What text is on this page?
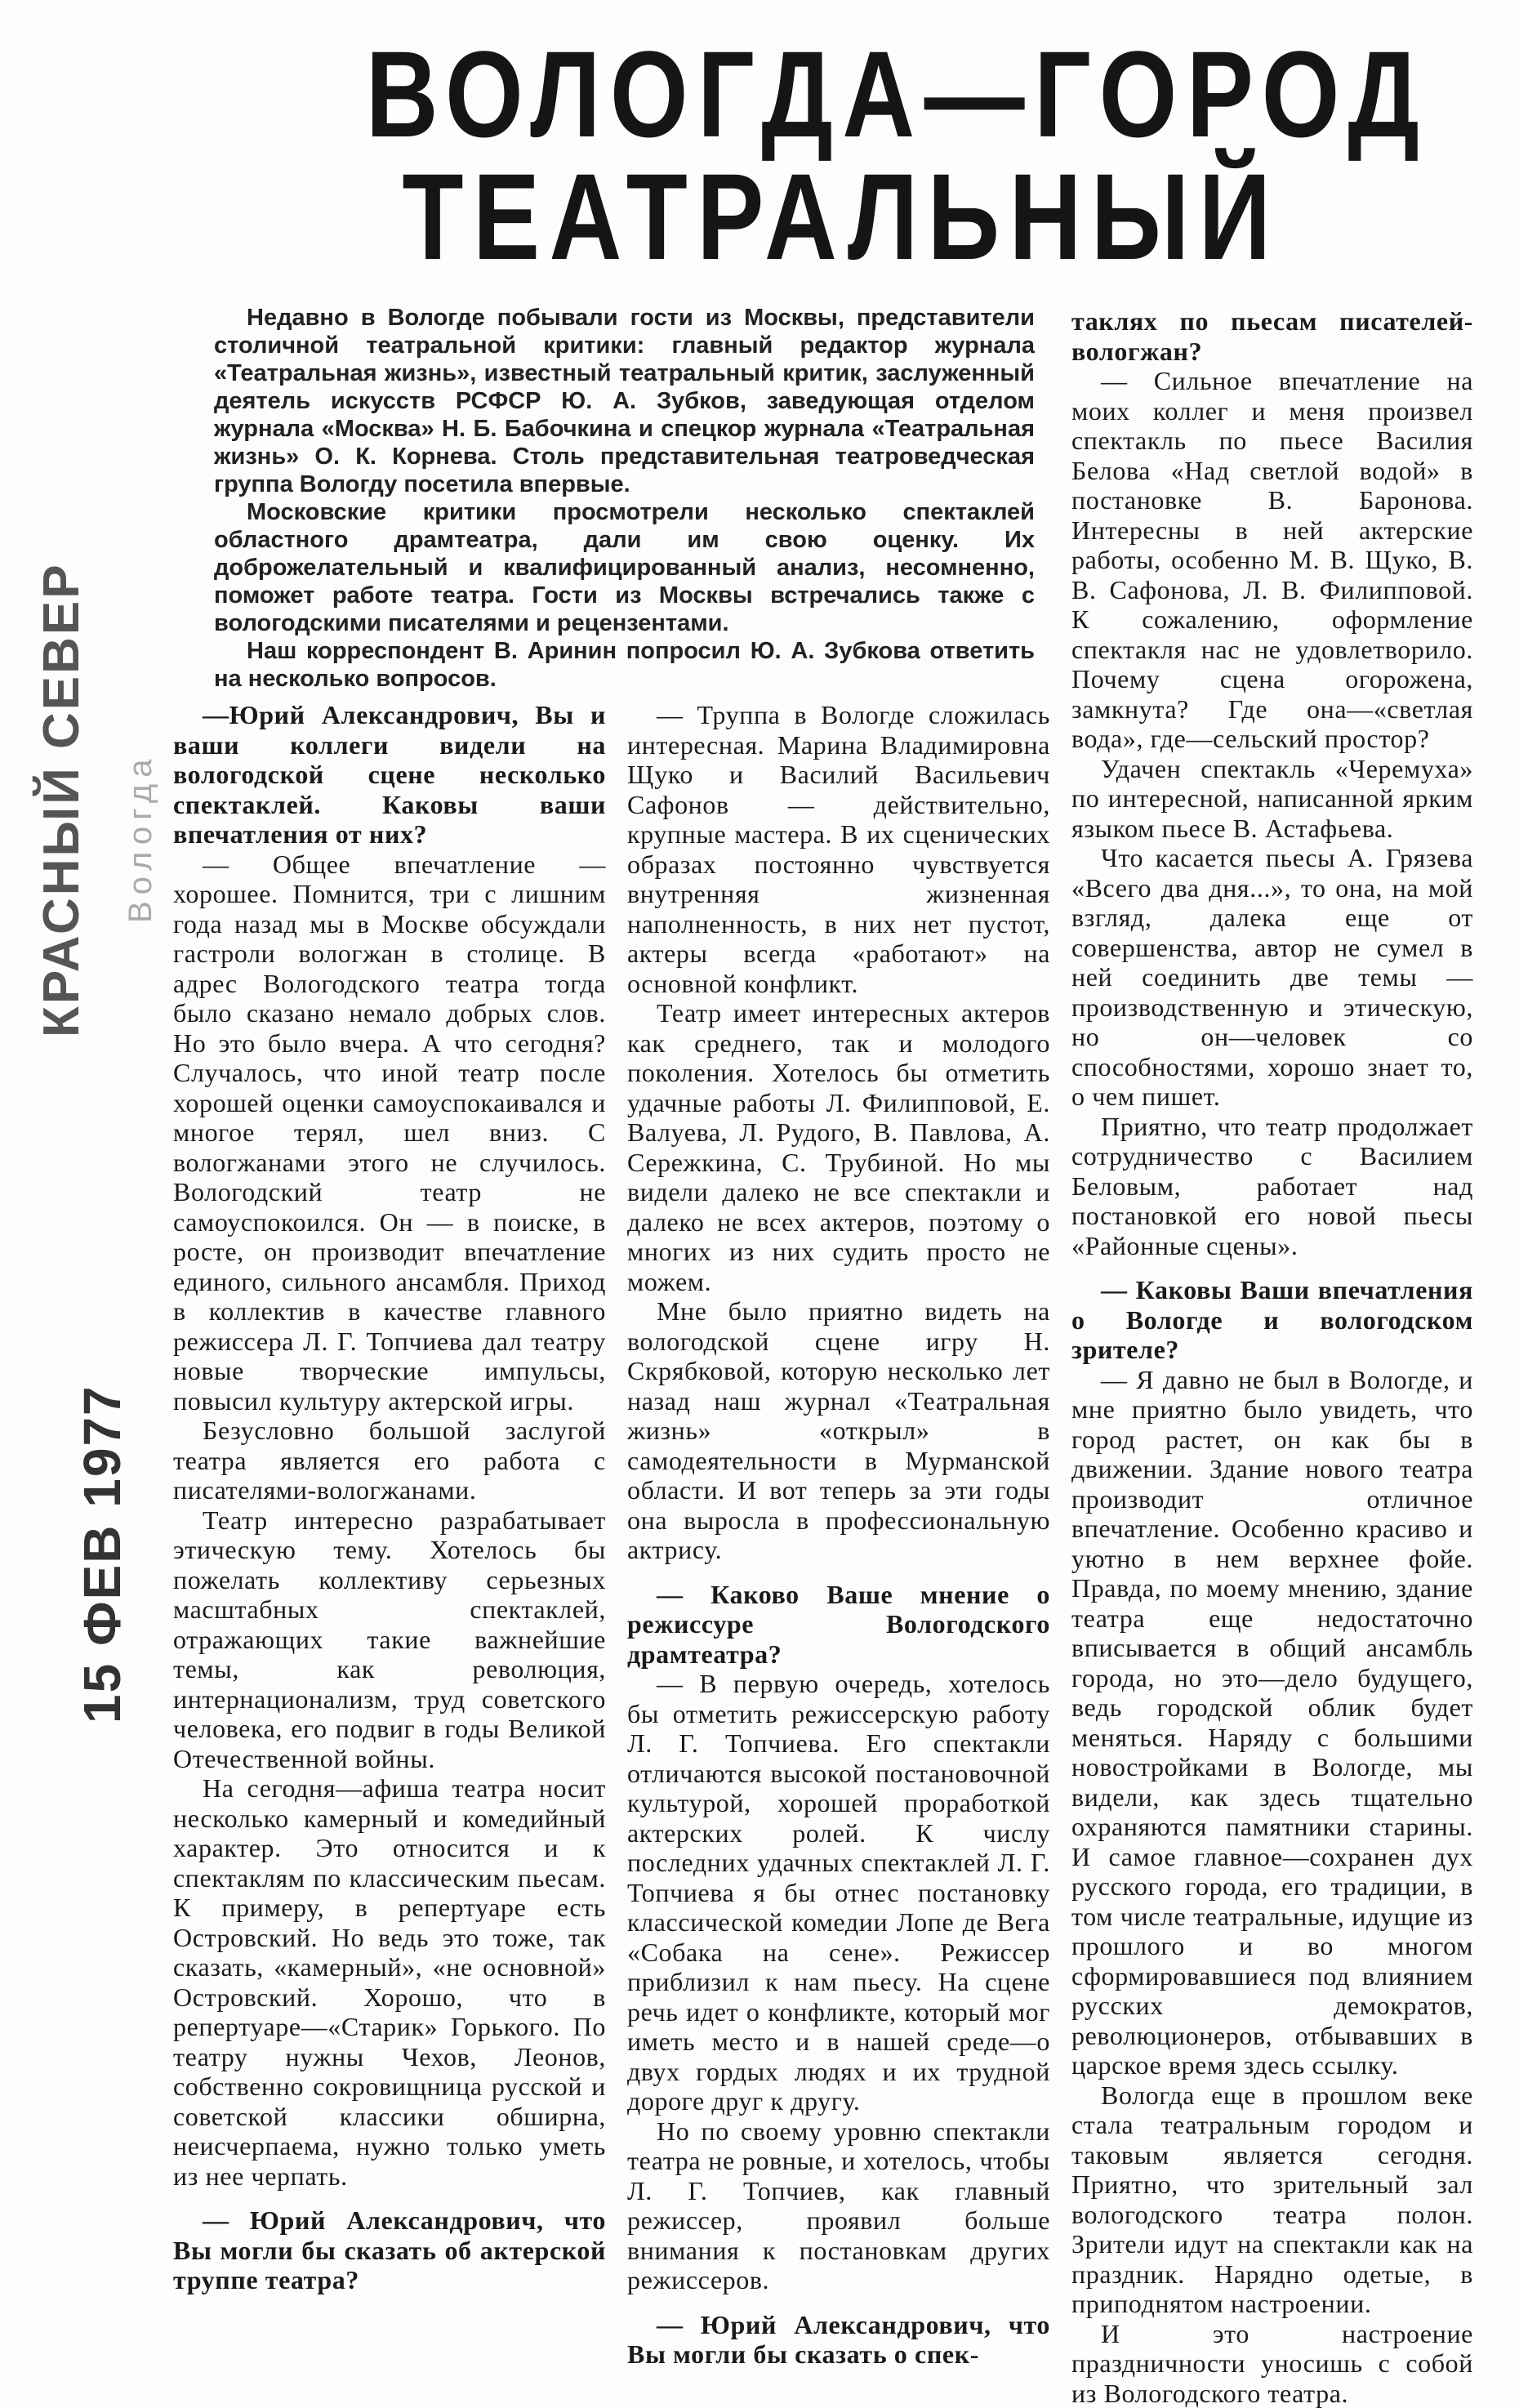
ВОЛОГДА—ГОРОД
ТЕАТРАЛЬНЫЙ
КРАСНЫЙ СЕВЕР Вологда
15 ФЕВ 1977

Недавно в Вологде побывали гости из Москвы, представители столичной театральной критики: главный редактор журнала «Театральная жизнь», известный театральный критик, заслуженный деятель искусств РСФСР Ю. А. Зубков, заведующая отделом журнала «Москва» Н. Б. Бабочкина и спецкор журнала «Театральная жизнь» О. К. Корнева. Столь представительная театроведческая группа Вологду посетила впервые.

Московские критики просмотрели несколько спектаклей областного драмтеатра, дали им свою оценку. Их доброжелательный и квалифицированный анализ, несомненно, поможет работе театра. Гости из Москвы встречались также с вологодскими писателями и рецензентами.

Наш корреспондент В. Аринин попросил Ю. А. Зубкова ответить на несколько вопросов.

—Юрий Александрович, Вы и ваши коллеги видели на вологодской сцене несколько спектаклей. Каковы ваши впечатления от них?

— Общее впечатление — хорошее. Помнится, три с лишним года назад мы в Москве обсуждали гастроли вологжан в столице. В адрес Вологодского театра тогда было сказано немало добрых слов. Но это было вчера. А что сегодня? Случалось, что иной театр после хорошей оценки самоуспокаивался и многое терял, шел вниз. С вологжанами этого не случилось. Вологодский театр не самоуспокоился. Он — в поиске, в росте, он производит впечатление единого, сильного ансамбля. Приход в коллектив в качестве главного режиссера Л. Г. Топчиева дал театру новые творческие импульсы, повысил культуру актерской игры.

Безусловно большой заслугой театра является его работа с писателями-вологжанами.

Театр интересно разрабатывает этическую тему. Хотелось бы пожелать коллективу серьезных масштабных спектаклей, отражающих такие важнейшие темы, как революция, интернационализм, труд советского человека, его подвиг в годы Великой Отечественной войны.

На сегодня—афиша театра носит несколько камерный и комедийный характер. Это относится и к спектаклям по классическим пьесам. К примеру, в репертуаре есть Островский. Но ведь это тоже, так сказать, «камерный», «не основной» Островский. Хорошо, что в репертуаре—«Старик» Горького. По театру нужны Чехов, Леонов, собственно сокровищница русской и советской классики обширна, неисчерпаема, нужно только уметь из нее черпать.

— Юрий Александрович, что Вы могли бы сказать об актерской труппе театра?

— Труппа в Вологде сложилась интересная. Марина Владимировна Щуко и Василий Васильевич Сафонов — действительно, крупные мастера. В их сценических образах постоянно чувствуется внутренняя жизненная наполненность, в них нет пустот, актеры всегда «работают» на основной конфликт.

Театр имеет интересных актеров как среднего, так и молодого поколения. Хотелось бы отметить удачные работы Л. Филипповой, Е. Валуева, Л. Рудого, В. Павлова, А. Сережкина, С. Трубиной. Но мы видели далеко не все спектакли и далеко не всех актеров, поэтому о многих из них судить просто не можем.

Мне было приятно видеть на вологодской сцене игру Н. Скрябковой, которую несколько лет назад наш журнал «Театральная жизнь» «открыл» в самодеятельности в Мурманской области. И вот теперь за эти годы она выросла в профессиональную актрису.

— Каково Ваше мнение о режиссуре Вологодского драмтеатра?

— В первую очередь, хотелось бы отметить режиссерскую работу Л. Г. Топчиева. Его спектакли отличаются высокой постановочной культурой, хорошей проработкой актерских ролей. К числу последних удачных спектаклей Л. Г. Топчиева я бы отнес постановку классической комедии Лопе де Вега «Собака на сене». Режиссер приблизил к нам пьесу. На сцене речь идет о конфликте, который мог иметь место и в нашей среде—о двух гордых людях и их трудной дороге друг к другу.

Но по своему уровню спектакли театра не ровные, и хотелось, чтобы Л. Г. Топчиев, как главный режиссер, проявил больше внимания к постановкам других режиссеров.

— Юрий Александрович, что Вы могли бы сказать о спек-

таклях по пьесам писателей-вологжан?

— Сильное впечатление на моих коллег и меня произвел спектакль по пьесе Василия Белова «Над светлой водой» в постановке В. Баронова. Интересны в ней актерские работы, особенно М. В. Щуко, В. В. Сафонова, Л. В. Филипповой. К сожалению, оформление спектакля нас не удовлетворило. Почему сцена огорожена, замкнута? Где она—«светлая вода», где—сельский простор?

Удачен спектакль «Черемуха» по интересной, написанной ярким языком пьесе В. Астафьева.

Что касается пьесы А. Грязева «Всего два дня...», то она, на мой взгляд, далека еще от совершенства, автор не сумел в ней соединить две темы — производственную и этическую, но он—человек со способностями, хорошо знает то, о чем пишет.

Приятно, что театр продолжает сотрудничество с Василием Беловым, работает над постановкой его новой пьесы «Районные сцены».

— Каковы Ваши впечатления о Вологде и вологодском зрителе?

— Я давно не был в Вологде, и мне приятно было увидеть, что город растет, он как бы в движении. Здание нового театра производит отличное впечатление. Особенно красиво и уютно в нем верхнее фойе. Правда, по моему мнению, здание театра еще недостаточно вписывается в общий ансамбль города, но это—дело будущего, ведь городской облик будет меняться. Наряду с большими новостройками в Вологде, мы видели, как здесь тщательно охраняются памятники старины. И самое главное—сохранен дух русского города, его традиции, в том числе театральные, идущие из прошлого и во многом сформировавшиеся под влиянием русских демократов, революционеров, отбывавших в царское время здесь ссылку.

Вологда еще в прошлом веке стала театральным городом и таковым является сегодня. Приятно, что зрительный зал вологодского театра полон. Зрители идут на спектакли как на праздник. Нарядно одетые, в приподнятом настроении.

И это настроение праздничности уносишь с собой из Вологодского театра.
